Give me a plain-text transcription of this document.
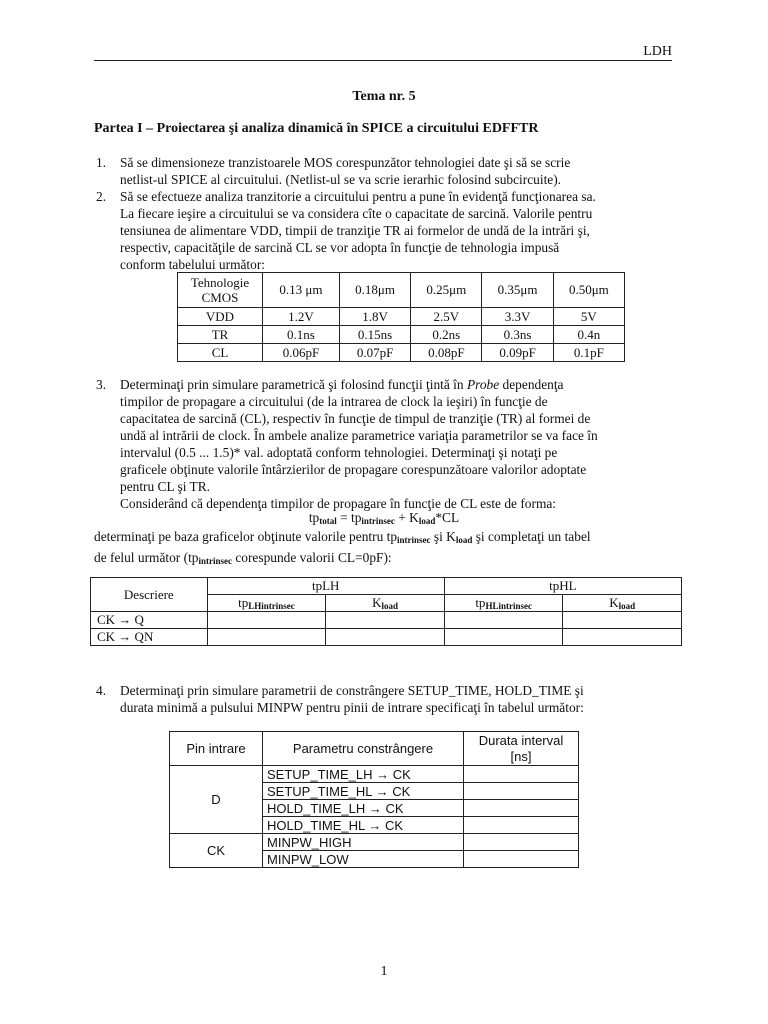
LDH
Tema nr. 5
Partea I – Proiectarea şi analiza dinamică în SPICE a circuitului EDFFTR
1. Să se dimensioneze tranzistoarele MOS corespunzător tehnologiei date şi să se scrie
netlist-ul SPICE al circuitului. (Netlist-ul se va scrie ierarhic folosind subcircuite).
2. Să se efectueze analiza tranzitorie a circuitului pentru a pune în evidenţă funcţionarea sa.
La fiecare ieşire a circuitului se va considera cîte o capacitate de sarcină. Valorile pentru
tensiunea de alimentare VDD, timpii de tranziţie TR ai formelor de undă de la intrări şi,
respectiv, capacităţile de sarcină CL se vor adopta în funcţie de tehnologia impusă
conform tabelului următor:
Tehnologie
CMOS	0.13 μm	0.18μm	0.25μm	0.35μm	0.50μm
VDD	1.2V	1.8V	2.5V	3.3V	5V
TR	0.1ns	0.15ns	0.2ns	0.3ns	0.4n
CL	0.06pF	0.07pF	0.08pF	0.09pF	0.1pF
3. Determinaţi prin simulare parametrică şi folosind funcţii ţintă în Probe dependenţa
timpilor de propagare a circuitului (de la intrarea de clock la ieşiri) în funcţie de
capacitatea de sarcină (CL), respectiv în funcţie de timpul de tranziţie (TR) al formei de
undă al intrării de clock. În ambele analize parametrice variaţia parametrilor se va face în
intervalul (0.5 ... 1.5)* val. adoptată conform tehnologiei. Determinaţi şi notaţi pe
graficele obţinute valorile întârzierilor de propagare corespunzătoare valorilor adoptate
pentru CL şi TR.
Considerând că dependenţa timpilor de propagare în funcţie de CL este de forma:
$tp_{total} = tp_{intrinsec} + K_{load}*CL$
determinaţi pe baza graficelor obţinute valorile pentru $tp_{intrinsec}$ şi $K_{load}$ şi completaţi un tabel
de felul următor ($tp_{intrinsec}$ corespunde valorii CL=0pF):
Descriere	tpLH		tpHL	
	$tp_{LHintrinsec}$	$K_{load}$	$tp_{HLintrinsec}$	$K_{load}$
CK → Q				
CK → QN				
4. Determinaţi prin simulare parametrii de constrângere SETUP_TIME, HOLD_TIME şi
durata minimă a pulsului MINPW pentru pinii de intrare specificaţi în tabelul următor:
Pin intrare	Parametru constrângere	Durata interval
[ns]

D	SETUP_TIME_LH → CK	
	SETUP_TIME_HL → CK	
	HOLD_TIME_LH → CK	
	HOLD_TIME_HL → CK	
CK	MINPW_HIGH	
	MINPW_LOW	
1
